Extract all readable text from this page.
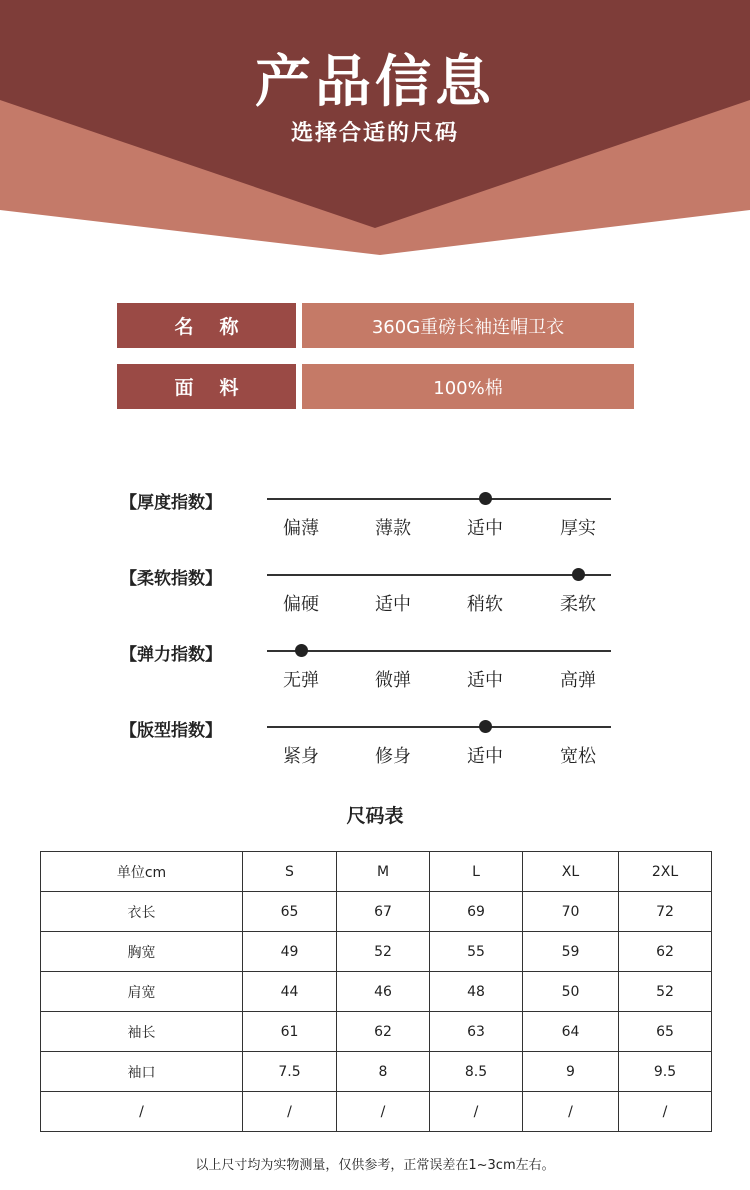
产品信息
选择合适的尺码
名称	360G重磅长袖连帽卫衣
面料	100%棉
【厚度指数】
偏薄	薄款	适中	厚实
【柔软指数】
偏硬	适中	稍软	柔软
【弹力指数】
无弹	微弹	适中	高弹
【版型指数】
紧身	修身	适中	宽松
尺码表
单位cm	S	M	L	XL	2XL
衣长	65	67	69	70	72
胸宽	49	52	55	59	62
肩宽	44	46	48	50	52
袖长	61	62	63	64	65
袖口	7.5	8	8.5	9	9.5
/	/	/	/	/	/
以上尺寸均为实物测量，仅供参考，正常误差在1~3cm左右。
